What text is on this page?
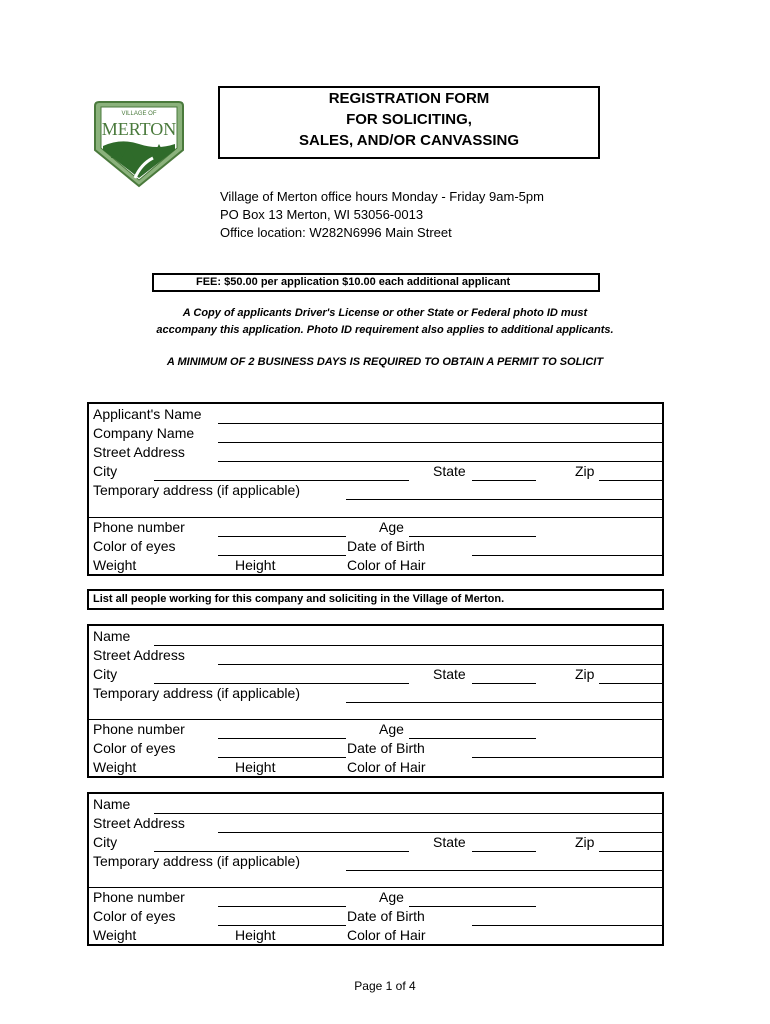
VILLAGE OF
MERTON
REGISTRATION FORM
FOR SOLICITING,
SALES, AND/OR CANVASSING
Village of Merton office hours Monday - Friday 9am-5pm
PO Box 13 Merton, WI 53056-0013
Office location: W282N6996 Main Street
FEE: $50.00 per application $10.00 each additional applicant
A Copy of applicants Driver's License or other State or Federal photo ID must
accompany this application. Photo ID requirement also applies to additional applicants.
A MINIMUM OF 2 BUSINESS DAYS IS REQUIRED TO OBTAIN A PERMIT TO SOLICIT
Applicant's Name
Company Name
Street Address
City	State	Zip
Temporary address (if applicable)
Phone number	Age
Color of eyes	Date of Birth
Weight	Height	Color of Hair
List all people working for this company and soliciting in the Village of Merton.
Name
Street Address
City	State	Zip
Temporary address (if applicable)
Phone number	Age
Color of eyes	Date of Birth
Weight	Height	Color of Hair
Name
Street Address
City	State	Zip
Temporary address (if applicable)
Phone number	Age
Color of eyes	Date of Birth
Weight	Height	Color of Hair
Page 1 of 4
